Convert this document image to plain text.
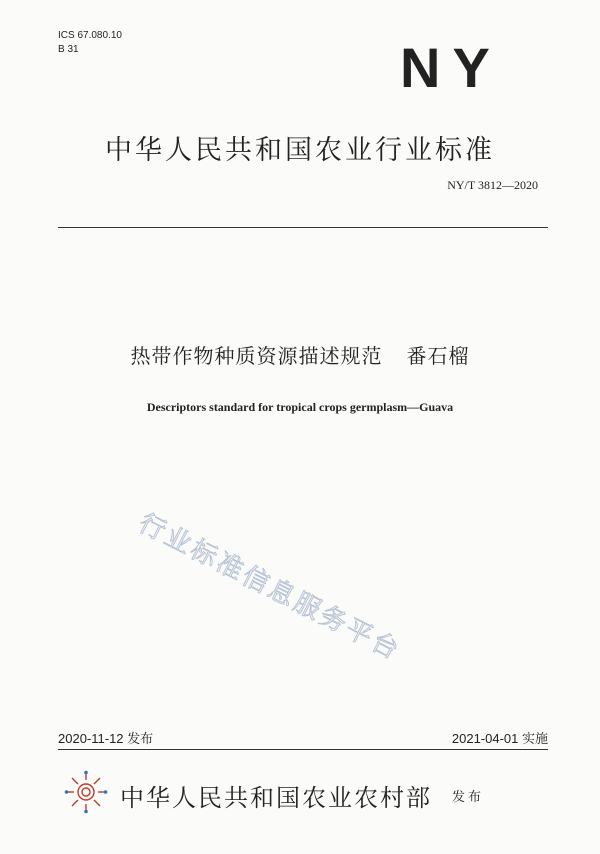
ICS 67.080.10
B 31	NY
中华人民共和国农业行业标准
NY/T 3812—2020
热带作物种质资源描述规范 番石榴
Descriptors standard for tropical crops germplasm—Guava
行业标准信息服务平台
2020-11-12 发布	2021-04-01 实施
中华人民共和国农业农村部 发布
